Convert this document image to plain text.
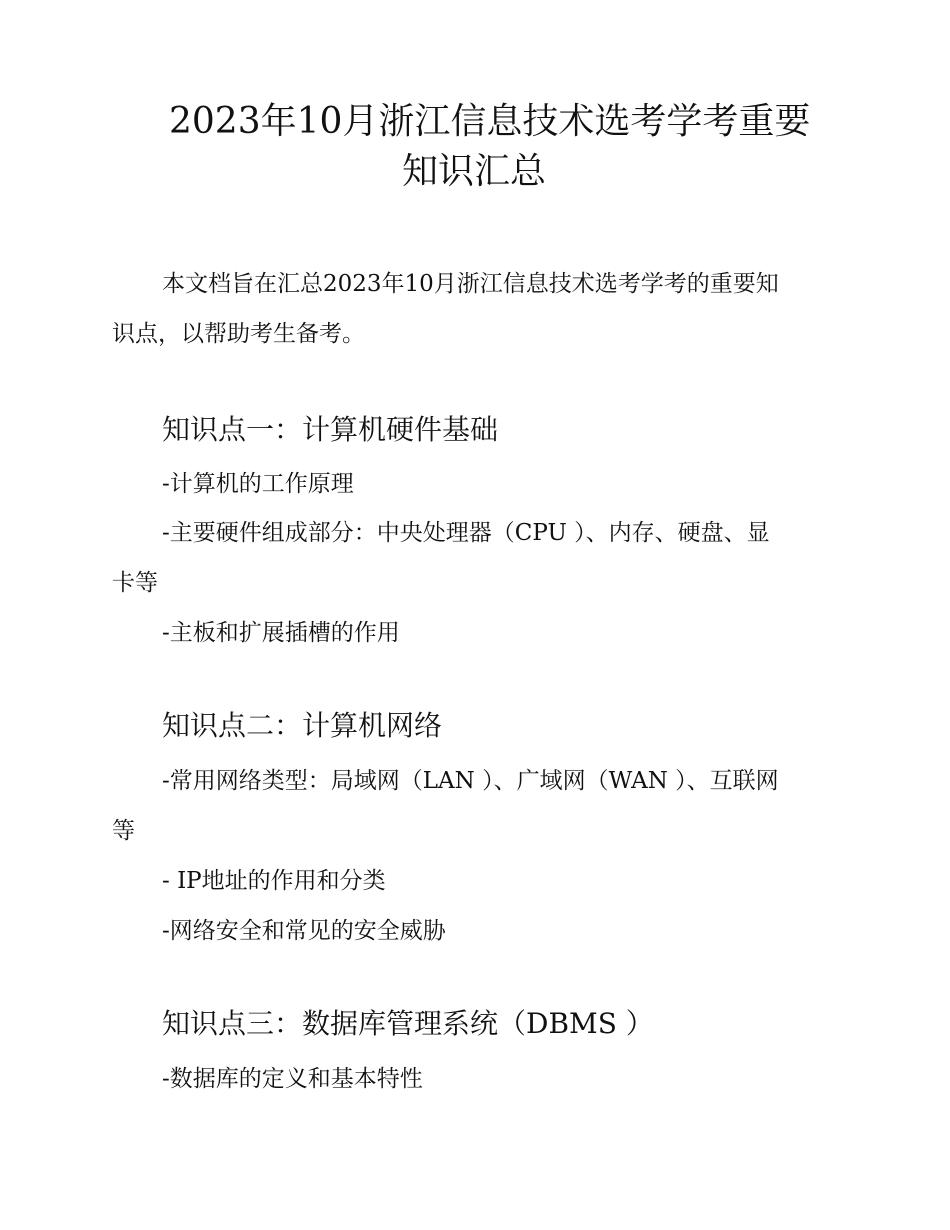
2023年10月浙江信息技术选考学考重要
知识汇总

本文档旨在汇总2023年10月浙江信息技术选考学考的重要知

识点，以帮助考生备考。

知识点一：计算机硬件基础

-计算机的工作原理

-主要硬件组成部分：中央处理器（CPU ）、内存、硬盘、显

卡等

-主板和扩展插槽的作用

知识点二：计算机网络

-常用网络类型：局域网（LAN ）、广域网（WAN ）、互联网

等

- IP地址的作用和分类

-网络安全和常见的安全威胁

知识点三：数据库管理系统（DBMS ）

-数据库的定义和基本特性
